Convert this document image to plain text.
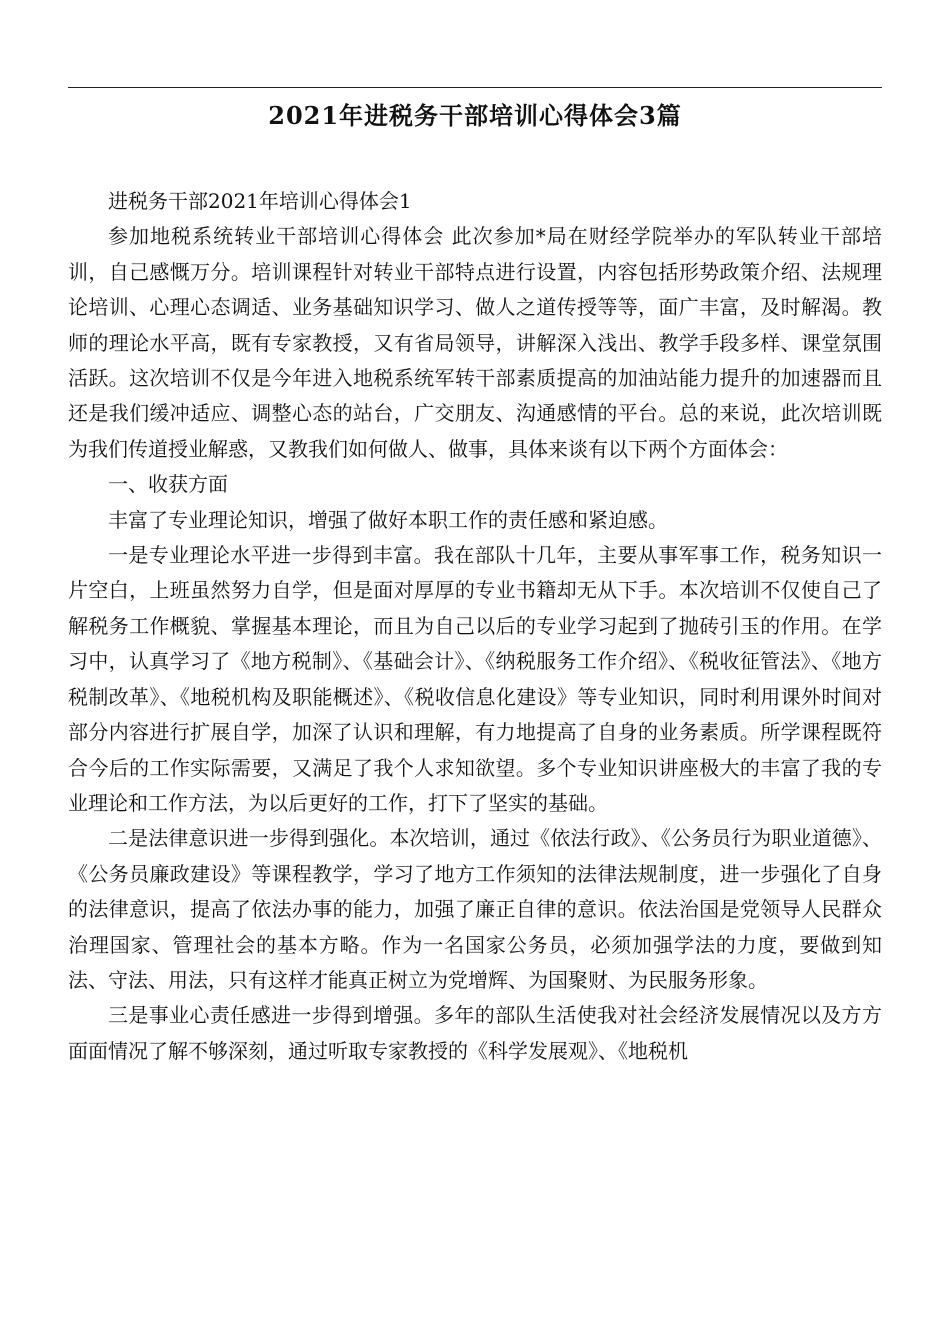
2021年进税务干部培训心得体会3篇

进税务干部2021年培训心得体会1

参加地税系统转业干部培训心得体会 此次参加*局在财经学院举办的军队转业干部培训，自己感慨万分。培训课程针对转业干部特点进行设置，内容包括形势政策介绍、法规理论培训、心理心态调适、业务基础知识学习、做人之道传授等等，面广丰富，及时解渴。教师的理论水平高，既有专家教授，又有省局领导，讲解深入浅出、教学手段多样、课堂氛围活跃。这次培训不仅是今年进入地税系统军转干部素质提高的加油站能力提升的加速器而且还是我们缓冲适应、调整心态的站台，广交朋友、沟通感情的平台。总的来说，此次培训既为我们传道授业解惑，又教我们如何做人、做事，具体来谈有以下两个方面体会：

一、收获方面

丰富了专业理论知识，增强了做好本职工作的责任感和紧迫感。

一是专业理论水平进一步得到丰富。我在部队十几年，主要从事军事工作，税务知识一片空白，上班虽然努力自学，但是面对厚厚的专业书籍却无从下手。本次培训不仅使自己了解税务工作概貌、掌握基本理论，而且为自己以后的专业学习起到了抛砖引玉的作用。在学习中，认真学习了《地方税制》、《基础会计》、《纳税服务工作介绍》、《税收征管法》、《地方税制改革》、《地税机构及职能概述》、《税收信息化建设》等专业知识，同时利用课外时间对部分内容进行扩展自学，加深了认识和理解，有力地提高了自身的业务素质。所学课程既符合今后的工作实际需要，又满足了我个人求知欲望。多个专业知识讲座极大的丰富了我的专业理论和工作方法，为以后更好的工作，打下了坚实的基础。

二是法律意识进一步得到强化。本次培训，通过《依法行政》、《公务员行为职业道德》、《公务员廉政建设》等课程教学，学习了地方工作须知的法律法规制度，进一步强化了自身的法律意识，提高了依法办事的能力，加强了廉正自律的意识。依法治国是党领导人民群众治理国家、管理社会的基本方略。作为一名国家公务员，必须加强学法的力度，要做到知法、守法、用法，只有这样才能真正树立为党增辉、为国聚财、为民服务形象。

三是事业心责任感进一步得到增强。多年的部队生活使我对社会经济发展情况以及方方面面情况了解不够深刻，通过听取专家教授的《科学发展观》、《地税机
